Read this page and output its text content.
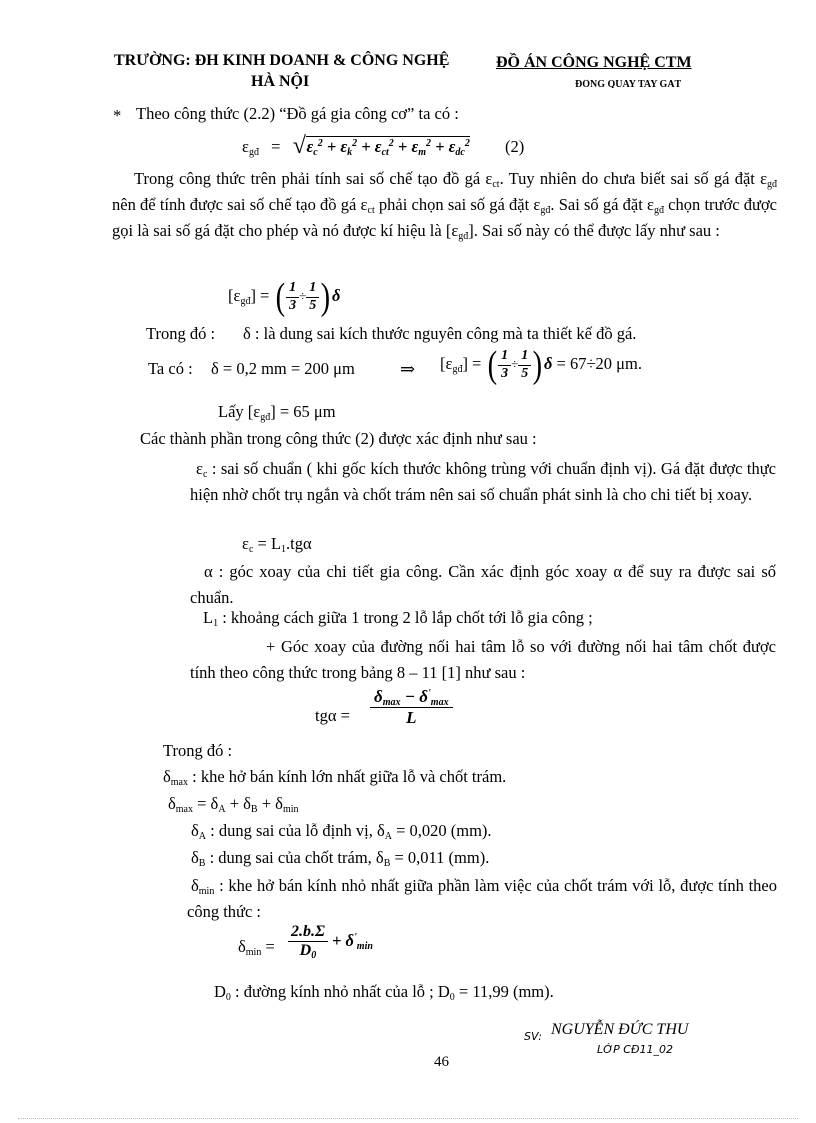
TRƯỜNG: ĐH KINH DOANH & CÔNG NGHỆ
HÀ NỘI
ĐỒ ÁN CÔNG NGHỆ CTM
ĐỒNG QUAY TAY GẠT
* Theo công thức (2.2) “Đồ gá gia công cơ” ta có :
$\varepsilon_{gđ}$ = √ $\varepsilon_c^2 + \varepsilon_k^2 + \varepsilon_{ct}^2 + \varepsilon_m^2 + \varepsilon_{dc}^2$ (2)
Trong công thức trên phải tính sai số chế tạo đồ gá $\varepsilon_{ct}$. Tuy nhiên do chưa biết sai số gá đặt $\varepsilon_{gđ}$ nên để tính được sai số chế tạo đồ gá $\varepsilon_{ct}$ phải chọn sai số gá đặt $\varepsilon_{gđ}$. Sai số gá đặt $\varepsilon_{gđ}$ chọn trước được gọi là sai số gá đặt cho phép và nó được kí hiệu là $[\varepsilon_{gđ}]$. Sai số này có thể được lấy như sau :
$[\varepsilon_{gđ}]$ = ( $\frac{1}{3} \div \frac{1}{5} )\delta$
Trong đó : δ : là dung sai kích thước nguyên công mà ta thiết kế đồ gá.
Ta có : δ = 0,2 mm = 200 μm	⇒ $[\varepsilon_{gđ}]$ = ( $\frac{1}{3} \div \frac{1}{5} )\delta = 67\div 20$ μm.
Lấy $[\varepsilon_{gđ}] = 65$ μm
Các thành phần trong công thức (2) được xác định như sau :
$\varepsilon_c$ : sai số chuẩn ( khi gốc kích thước không trùng với chuẩn định vị). Gá đặt được thực hiện nhờ chốt trụ ngắn và chốt trám nên sai số chuẩn phát sinh là cho chi tiết bị xoay.
$\varepsilon_c = L_1.tg\alpha$
α : góc xoay của chi tiết gia công. Cần xác định góc xoay α để suy ra được sai số chuẩn.
$L_1$ : khoảng cách giữa 1 trong 2 lỗ lắp chốt tới lỗ gia công ;
+ Góc xoay của đường nối hai tâm lỗ so với đường nối hai tâm chốt được tính theo công thức trong bảng 8 – 11 [1] như sau :
$tg\alpha = \frac{\delta_{max} - \delta'_{max}}{L}$
Trong đó :
$\delta_{max}$ : khe hở bán kính lớn nhất giữa lỗ và chốt trám.
$\delta_{max} = \delta_A + \delta_B + \delta_{min}$
$\delta_A$ : dung sai của lỗ định vị, $\delta_A = 0,020$ (mm).
$\delta_B$ : dung sai của chốt trám, $\delta_B = 0,011$ (mm).
$\delta_{min}$ : khe hở bán kính nhỏ nhất giữa phần làm việc của chốt trám với lỗ, được tính theo công thức :
$\delta_{min} = \frac{2.b.\Sigma}{D_0} + \delta'_{min}$
$D_0$ : đường kính nhỏ nhất của lỗ ; $D_0 = 11,99$ (mm).
SV: NGUYỄN ĐỨC THU
LỚP CĐ11_02
46
